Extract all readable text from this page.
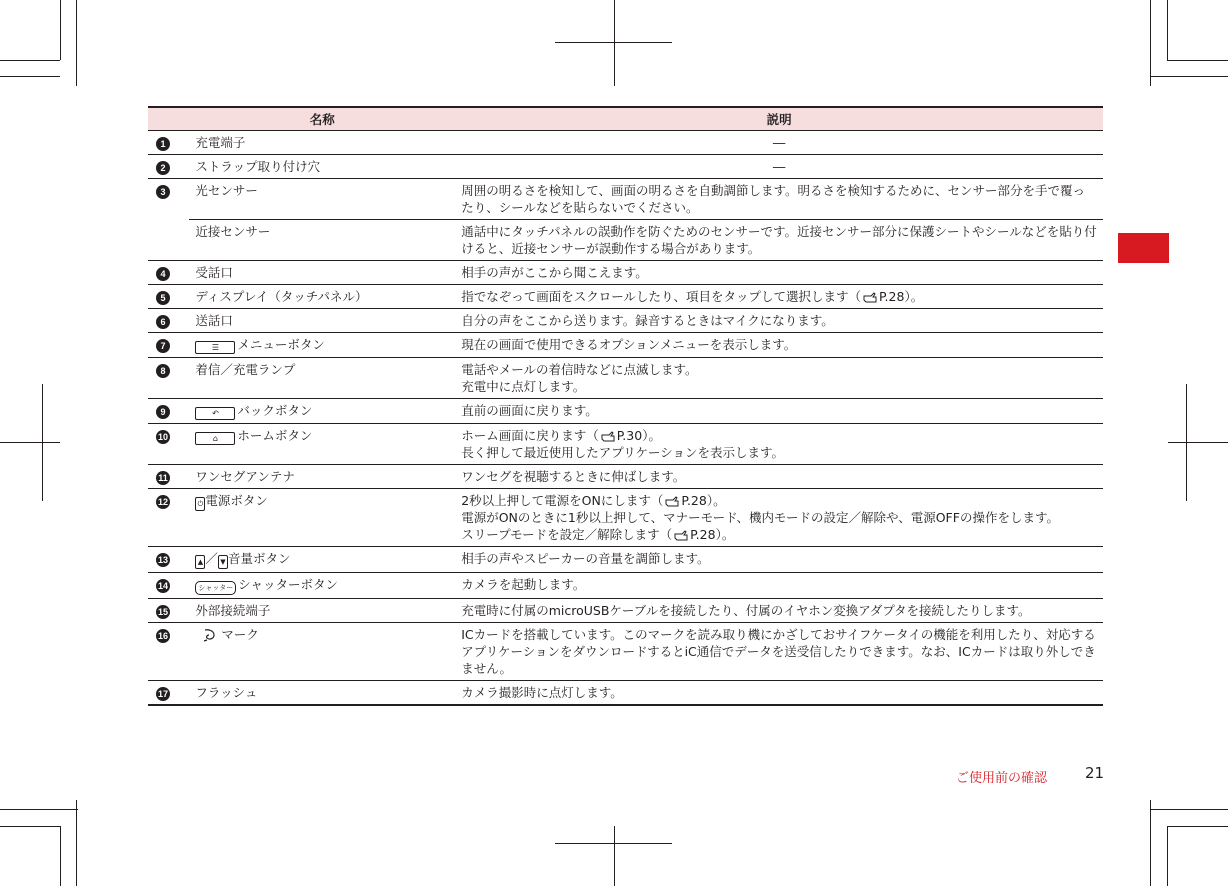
	名称	説明
1	充電端子	―
2	ストラップ取り付け穴	―
3	光センサー	周囲の明るさを検知して、画面の明るさを自動調節します。明るさを検知するために、センサー部分を手で覆ったり、シールなどを貼らないでください。
	近接センサー	通話中にタッチパネルの誤動作を防ぐためのセンサーです。近接センサー部分に保護シートやシールなどを貼り付けると、近接センサーが誤動作する場合があります。
4	受話口	相手の声がここから聞こえます。
5	ディスプレイ（タッチパネル）	指でなぞって画面をスクロールしたり、項目をタップして選択します（ P.28）。
6	送話口	自分の声をここから送ります。録音するときはマイクになります。
7	☰ メニューボタン	現在の画面で使用できるオプションメニューを表示します。
8	着信／充電ランプ	電話やメールの着信時などに点滅します。
充電中に点灯します。

9	↶ バックボタン	直前の画面に戻ります。
10	⌂ ホームボタン	ホーム画面に戻ります（ P.30）。
長く押して最近使用したアプリケーションを表示します。

11	ワンセグアンテナ	ワンセグを視聴するときに伸ばします。
12	⏻ 電源ボタン	2秒以上押して電源をONにします（ P.28）。
電源がONのときに1秒以上押して、マナーモード、機内モードの設定／解除や、電源OFFの操作をします。
スリープモードを設定／解除します（ P.28）。

13	▲ ／ ▼ 音量ボタン	相手の声やスピーカーの音量を調節します。
14	シャッター シャッターボタン	カメラを起動します。
15	外部接続端子	充電時に付属のmicroUSBケーブルを接続したり、付属のイヤホン変換アダプタを接続したりします。
16	マーク	ICカードを搭載しています。このマークを読み取り機にかざしておサイフケータイの機能を利用したり、対応するアプリケーションをダウンロードするとiC通信でデータを送受信したりできます。なお、ICカードは取り外しできません。
17	フラッシュ	カメラ撮影時に点灯します。
ご使用前の確認	21
